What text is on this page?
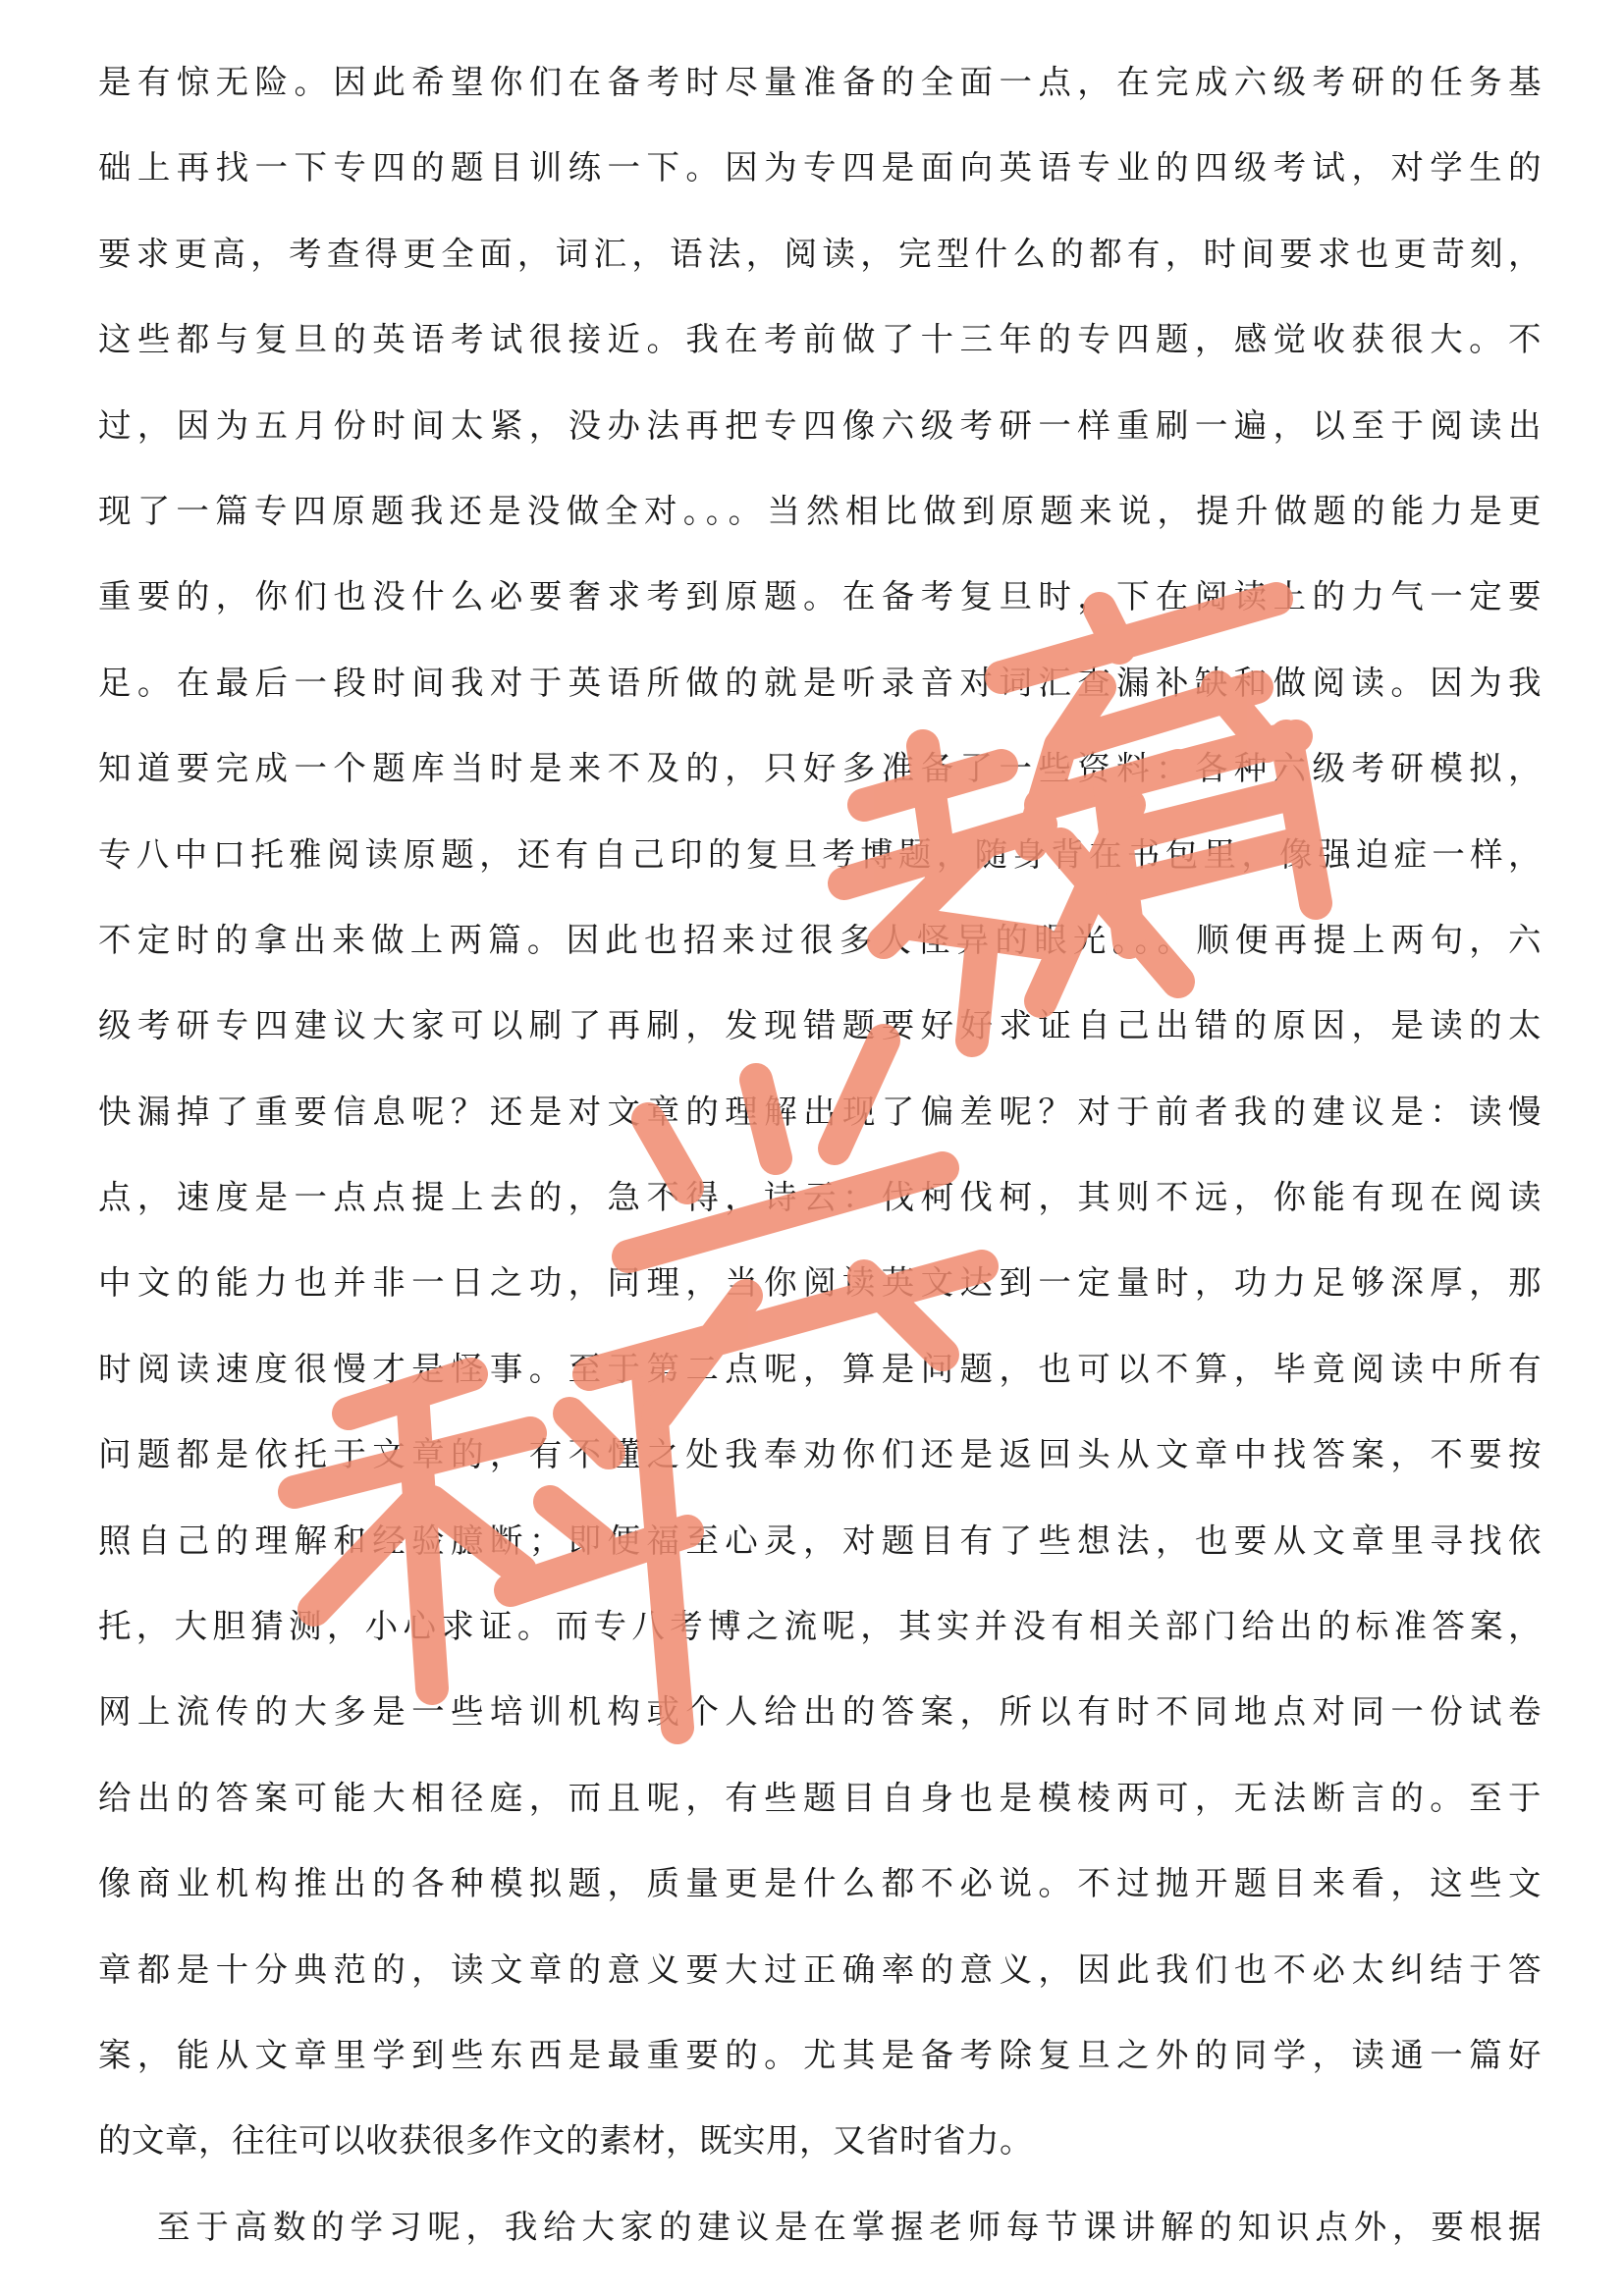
是有惊无险。因此希望你们在备考时尽量准备的全面一点，在完成六级考研的任务基
础上再找一下专四的题目训练一下。因为专四是面向英语专业的四级考试，对学生的
要求更高，考查得更全面，词汇，语法，阅读，完型什么的都有，时间要求也更苛刻，
这些都与复旦的英语考试很接近。我在考前做了十三年的专四题，感觉收获很大。不
过，因为五月份时间太紧，没办法再把专四像六级考研一样重刷一遍，以至于阅读出
现了一篇专四原题我还是没做全对。。。当然相比做到原题来说，提升做题的能力是更
重要的，你们也没什么必要奢求考到原题。在备考复旦时，下在阅读上的力气一定要
足。在最后一段时间我对于英语所做的就是听录音对词汇查漏补缺和做阅读。因为我
知道要完成一个题库当时是来不及的，只好多准备了一些资料：各种六级考研模拟，
专八中口托雅阅读原题，还有自己印的复旦考博题，随身背在书包里，像强迫症一样，
不定时的拿出来做上两篇。因此也招来过很多人怪异的眼光。。。顺便再提上两句，六
级考研专四建议大家可以刷了再刷，发现错题要好好求证自己出错的原因，是读的太
快漏掉了重要信息呢？还是对文章的理解出现了偏差呢？对于前者我的建议是：读慢
点，速度是一点点提上去的，急不得，诗云：伐柯伐柯，其则不远，你能有现在阅读
中文的能力也并非一日之功，同理，当你阅读英文达到一定量时，功力足够深厚，那
时阅读速度很慢才是怪事。至于第二点呢，算是问题，也可以不算，毕竟阅读中所有
问题都是依托于文章的，有不懂之处我奉劝你们还是返回头从文章中找答案，不要按
照自己的理解和经验臆断；即便福至心灵，对题目有了些想法，也要从文章里寻找依
托，大胆猜测，小心求证。而专八考博之流呢，其实并没有相关部门给出的标准答案，
网上流传的大多是一些培训机构或个人给出的答案，所以有时不同地点对同一份试卷
给出的答案可能大相径庭，而且呢，有些题目自身也是模棱两可，无法断言的。至于
像商业机构推出的各种模拟题，质量更是什么都不必说。不过抛开题目来看，这些文
章都是十分典范的，读文章的意义要大过正确率的意义，因此我们也不必太纠结于答
案，能从文章里学到些东西是最重要的。尤其是备考除复旦之外的同学，读通一篇好
的文章，往往可以收获很多作文的素材，既实用，又省时省力。
至于高数的学习呢，我给大家的建议是在掌握老师每节课讲解的知识点外，要根据
